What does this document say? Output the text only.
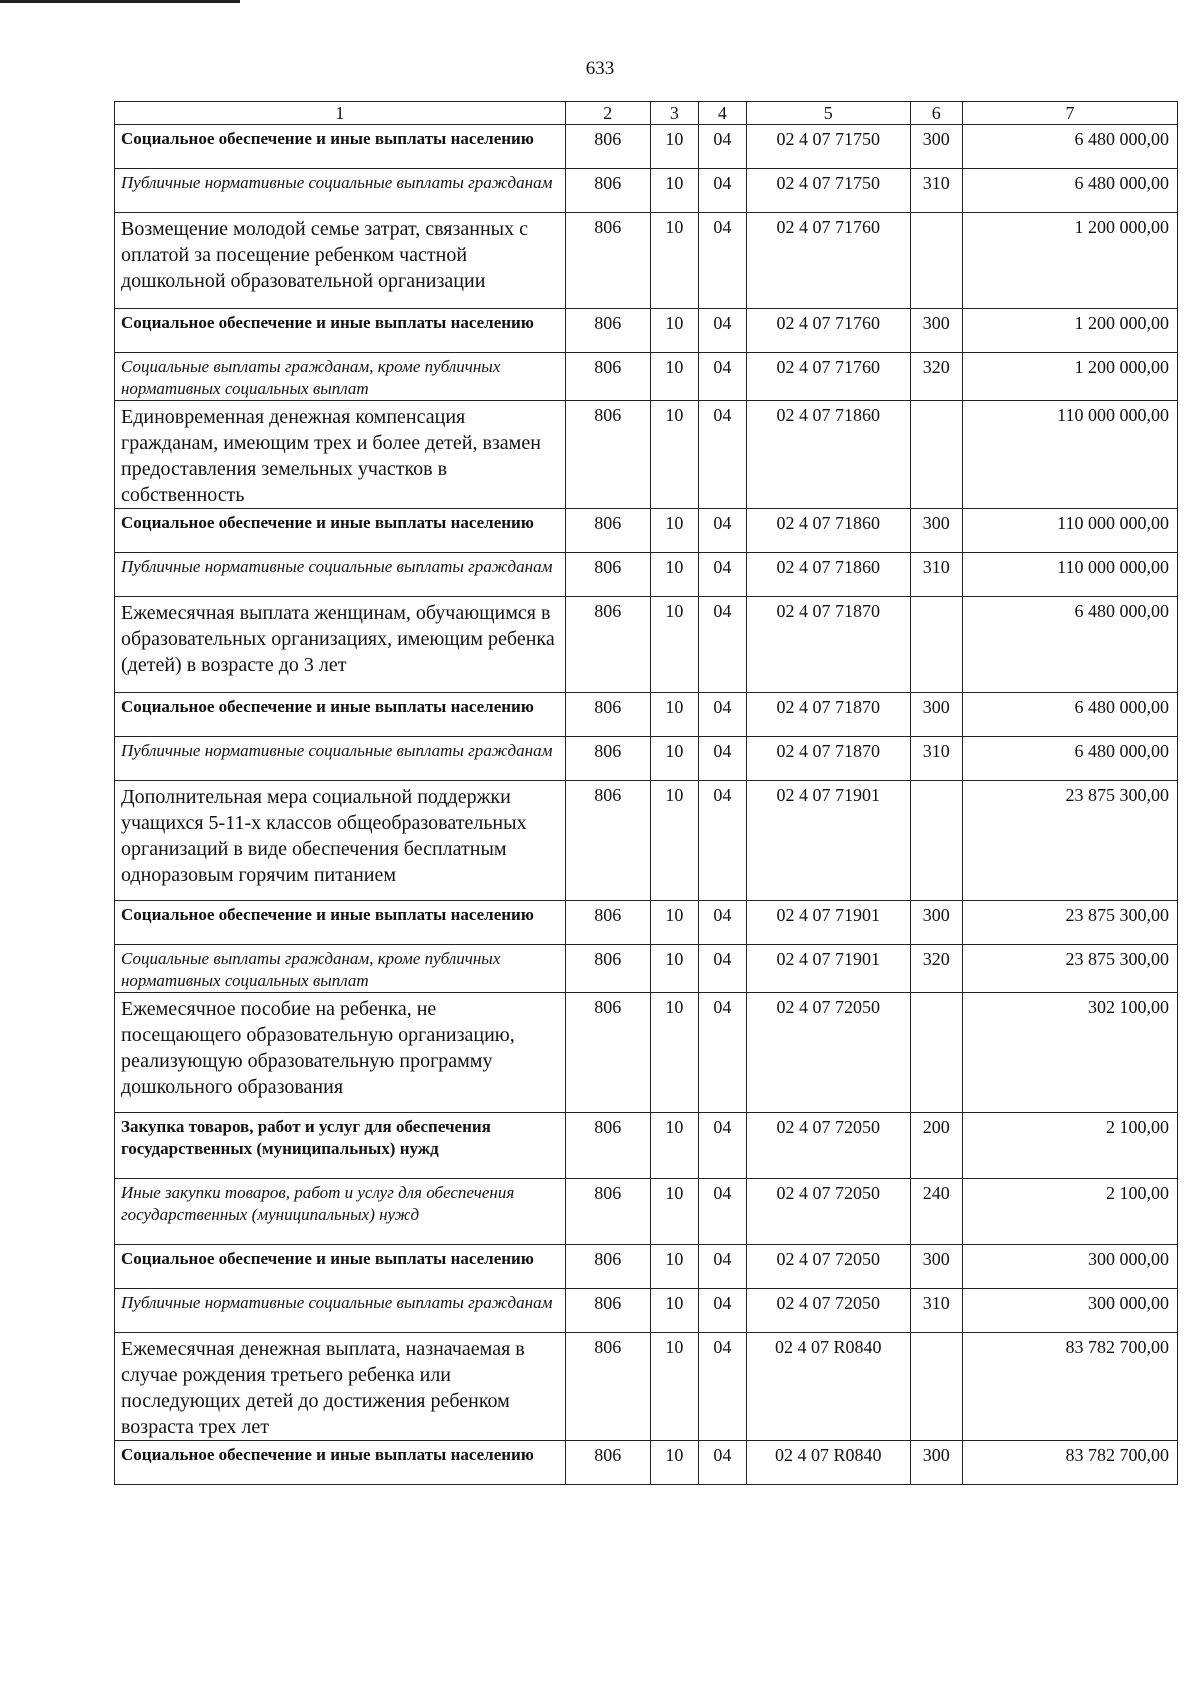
633
1	2	3	4	5	6	7
Социальное обеспечение и иные выплаты населению	806	10	04	02 4 07 71750	300	6 480 000,00
Публичные нормативные социальные выплаты гражданам	806	10	04	02 4 07 71750	310	6 480 000,00
Возмещение молодой семье затрат, связанных с оплатой за посещение ребенком частной дошкольной образовательной организации	806	10	04	02 4 07 71760		1 200 000,00
Социальное обеспечение и иные выплаты населению	806	10	04	02 4 07 71760	300	1 200 000,00
Социальные выплаты гражданам, кроме публичных нормативных социальных выплат	806	10	04	02 4 07 71760	320	1 200 000,00
Единовременная денежная компенсация гражданам, имеющим трех и более детей, взамен предоставления земельных участков в собственность	806	10	04	02 4 07 71860		110 000 000,00
Социальное обеспечение и иные выплаты населению	806	10	04	02 4 07 71860	300	110 000 000,00
Публичные нормативные социальные выплаты гражданам	806	10	04	02 4 07 71860	310	110 000 000,00
Ежемесячная выплата женщинам, обучающимся в образовательных организациях, имеющим ребенка (детей) в возрасте до 3 лет	806	10	04	02 4 07 71870		6 480 000,00
Социальное обеспечение и иные выплаты населению	806	10	04	02 4 07 71870	300	6 480 000,00
Публичные нормативные социальные выплаты гражданам	806	10	04	02 4 07 71870	310	6 480 000,00
Дополнительная мера социальной поддержки учащихся 5-11-х классов общеобразовательных организаций в виде обеспечения бесплатным одноразовым горячим питанием	806	10	04	02 4 07 71901		23 875 300,00
Социальное обеспечение и иные выплаты населению	806	10	04	02 4 07 71901	300	23 875 300,00
Социальные выплаты гражданам, кроме публичных нормативных социальных выплат	806	10	04	02 4 07 71901	320	23 875 300,00
Ежемесячное пособие на ребенка, не посещающего образовательную организацию, реализующую образовательную программу дошкольного образования	806	10	04	02 4 07 72050		302 100,00
Закупка товаров, работ и услуг для обеспечения государственных (муниципальных) нужд	806	10	04	02 4 07 72050	200	2 100,00
Иные закупки товаров, работ и услуг для обеспечения государственных (муниципальных) нужд	806	10	04	02 4 07 72050	240	2 100,00
Социальное обеспечение и иные выплаты населению	806	10	04	02 4 07 72050	300	300 000,00
Публичные нормативные социальные выплаты гражданам	806	10	04	02 4 07 72050	310	300 000,00
Ежемесячная денежная выплата, назначаемая в случае рождения третьего ребенка или последующих детей до достижения ребенком возраста трех лет	806	10	04	02 4 07 R0840		83 782 700,00
Социальное обеспечение и иные выплаты населению	806	10	04	02 4 07 R0840	300	83 782 700,00
